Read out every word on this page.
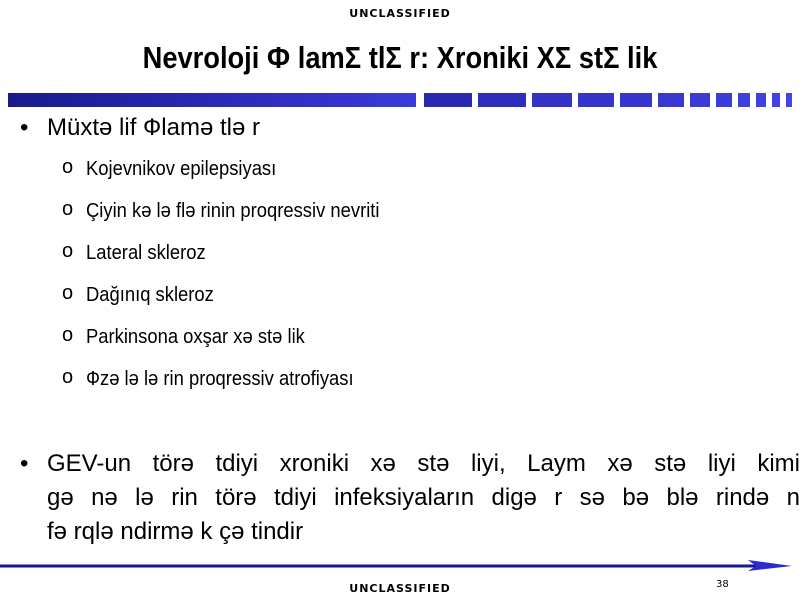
UNCLASSIFIED
Nevroloji Ф lamΣ tlΣ r: Xroniki XΣ stΣ lik
• Müxtə lif Фlamə tlə r
o Kojevnikov epilepsiyası
o Çiyin kə lə flə rinin proqressiv nevriti
o Lateral skleroz
o Dağınıq skleroz
o Parkinsona oxşar xə stə lik
o Фzə lə lə rin proqressiv atrofiyası
• GEV-un törə tdiyi xroniki xə stə liyi, Laym xə stə liyi kimi
gə nə lə rin törə tdiyi infeksiyaların digə r sə bə blə rində n
fə rqlə ndirmə k çə tindir
38
UNCLASSIFIED
